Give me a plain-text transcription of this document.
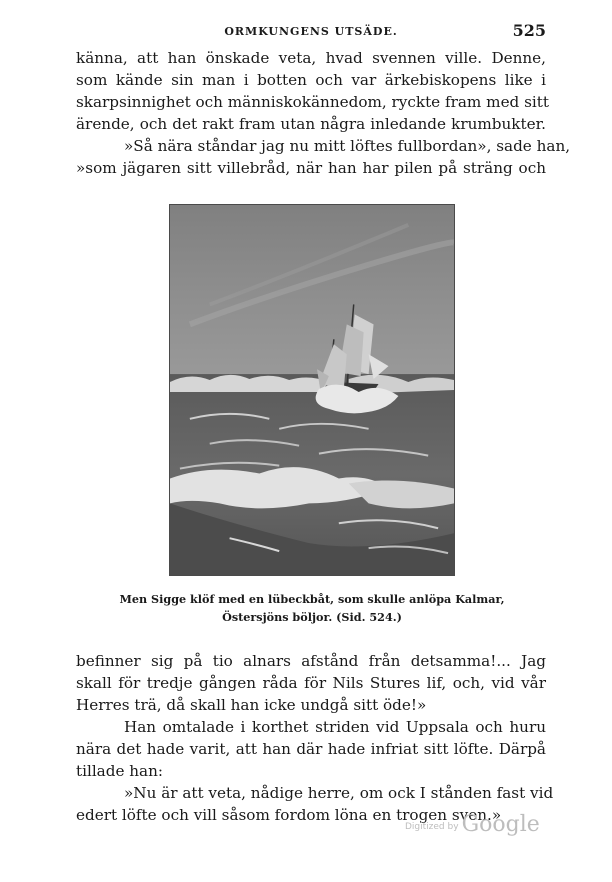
ORMKUNGENS UTSÄDE.	525
känna, att han önskade veta, hvad svennen ville. Denne,
som kände sin man i botten och var ärkebiskopens like i
skarpsinnighet och människokännedom, ryckte fram med sitt
ärende, och det rakt fram utan några inledande krumbukter.
»Så nära ståndar jag nu mitt löftes fullbordan», sade han,
»som jägaren sitt villebråd, när han har pilen på sträng och
Men Sigge klöf med en lübeckbåt, som skulle anlöpa Kalmar,
Östersjöns böljor. (Sid. 524.)
befinner sig på tio alnars afstånd från detsamma!... Jag
skall för tredje gången råda för Nils Stures lif, och, vid vår
Herres trä, då skall han icke undgå sitt öde!»
Han omtalade i korthet striden vid Uppsala och huru
nära det hade varit, att han där hade infriat sitt löfte. Därpå
tillade han:
»Nu är att veta, nådige herre, om ock I stånden fast vid
edert löfte och vill såsom fordom löna en trogen sven.»
Digitized by Google
